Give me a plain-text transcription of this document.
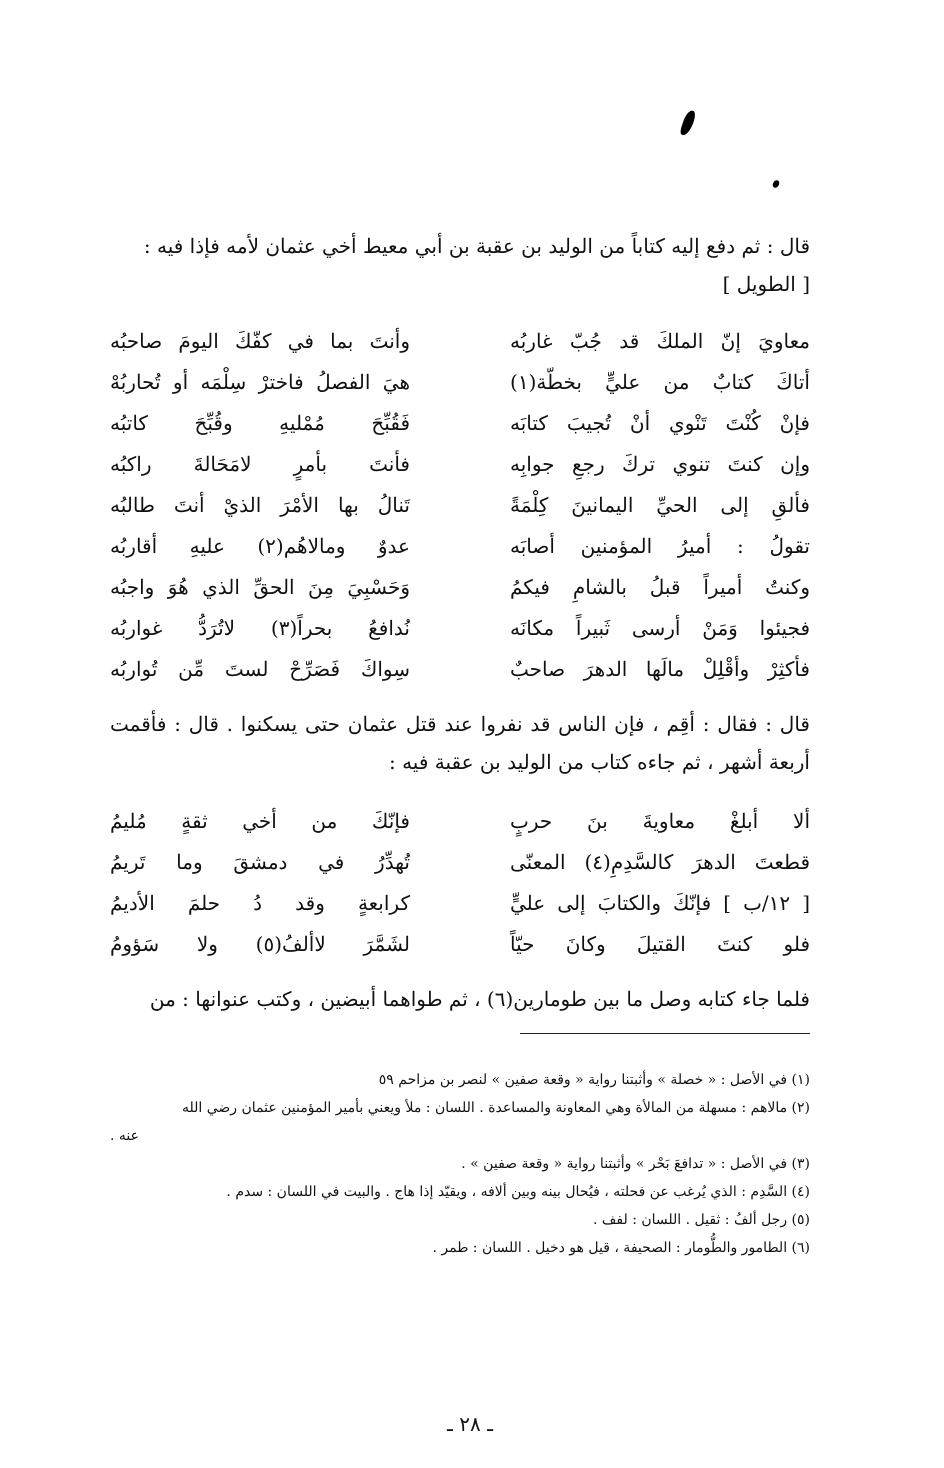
قال : ثم دفع إليه كتاباً من الوليد بن عقبة بن أبي معيط أخي عثمان لأمه فإذا فيه :
[ الطويل ]
معاويَ إنّ الملكَ قد جُبّ غاربُه
وأنتَ بما في كفّكَ اليومَ صاحبُه
أتاكَ كتابٌ من عليٍّ بخطّة(١)
هيَ الفصلُ فاخترْ سِلْمَه أو تُحاربُهْ
فإنْ كُنْتَ تَنْوي أنْ تُجيبَ كتابَه
فَقُبِّحَ مُمْليهِ وقُبِّحَ كاتبُه
وإن كنتَ تنوي تركَ رجعِ جوابِه
فأنتَ بأمرٍ لامَحَالةَ راكبُه
فألقِ إلى الحيِّ اليمانينَ كِلْمَةً
تَنالُ بها الأمْرَ الذيْ أنتَ طالبُه
تقولُ : أميرُ المؤمنين أصابَه
عدوٌ ومالاهُم(٢) عليهِ أقاربُه
وكنتُ أميراً قبلُ بالشامِ فيكمُ
وَحَسْبِيَ مِنَ الحقِّ الذي هُوَ واجبُه
فجيئوا وَمَنْ أرسى ثَبيراً مكانَه
نُدافعُ بحراً(٣) لاتُرَدُّ غواربُه
فأكثِرْ وأقْلِلْ مالَها الدهرَ صاحبٌ
سِواكَ فَصَرِّحْ لستَ مِّن تُواربُه
قال : فقال : أقِم ، فإن الناس قد نفروا عند قتل عثمان حتى يسكنوا . قال : فأقمت أربعة أشهر ، ثم جاءه كتاب من الوليد بن عقبة فيه :
ألا أبلغْ معاويةَ بنَ حربٍ
فإنّكَ من أخي ثقةٍ مُليمُ
قطعتَ الدهرَ كالسَّدِمِ(٤) المعنّى
تُهدِّرُ في دمشقَ وما تَريمُ
[ ١٢/ب ] فإنّكَ والكتابَ إلى عليٍّ
كرابعةٍ وقد دُ حلمَ الأديمُ
فلو كنتَ القتيلَ وكانَ حيّاً
لشَمَّرَ لاألفُ(٥) ولا سَؤومُ
فلما جاء كتابه وصل ما بين طومارين(٦) ، ثم طواهما أبيضين ، وكتب عنوانها : من
(١) في الأصل : « خصلة » وأثبتنا رواية « وقعة صفين » لنصر بن مزاحم ٥٩
(٢) مالاهم : مسهلة من المالأة وهي المعاونة والمساعدة . اللسان : ملأ ويعني بأمير المؤمنين عثمان رضي الله
عنه .
(٣) في الأصل : « تدافعَ بَحْر » وأثبتنا رواية « وقعة صفين » .
(٤) السَّدِم : الذي يُرغب عن فحلته ، فيُحال بينه وبين ألافه ، ويقيّد إذا هاج . والبيت في اللسان : سدم .
(٥) رجل ألفُ : ثقيل . اللسان : لفف .
(٦) الطامور والطُّومار : الصحيفة ، قيل هو دخيل . اللسان : طمر .
ـ ٢٨ ـ
